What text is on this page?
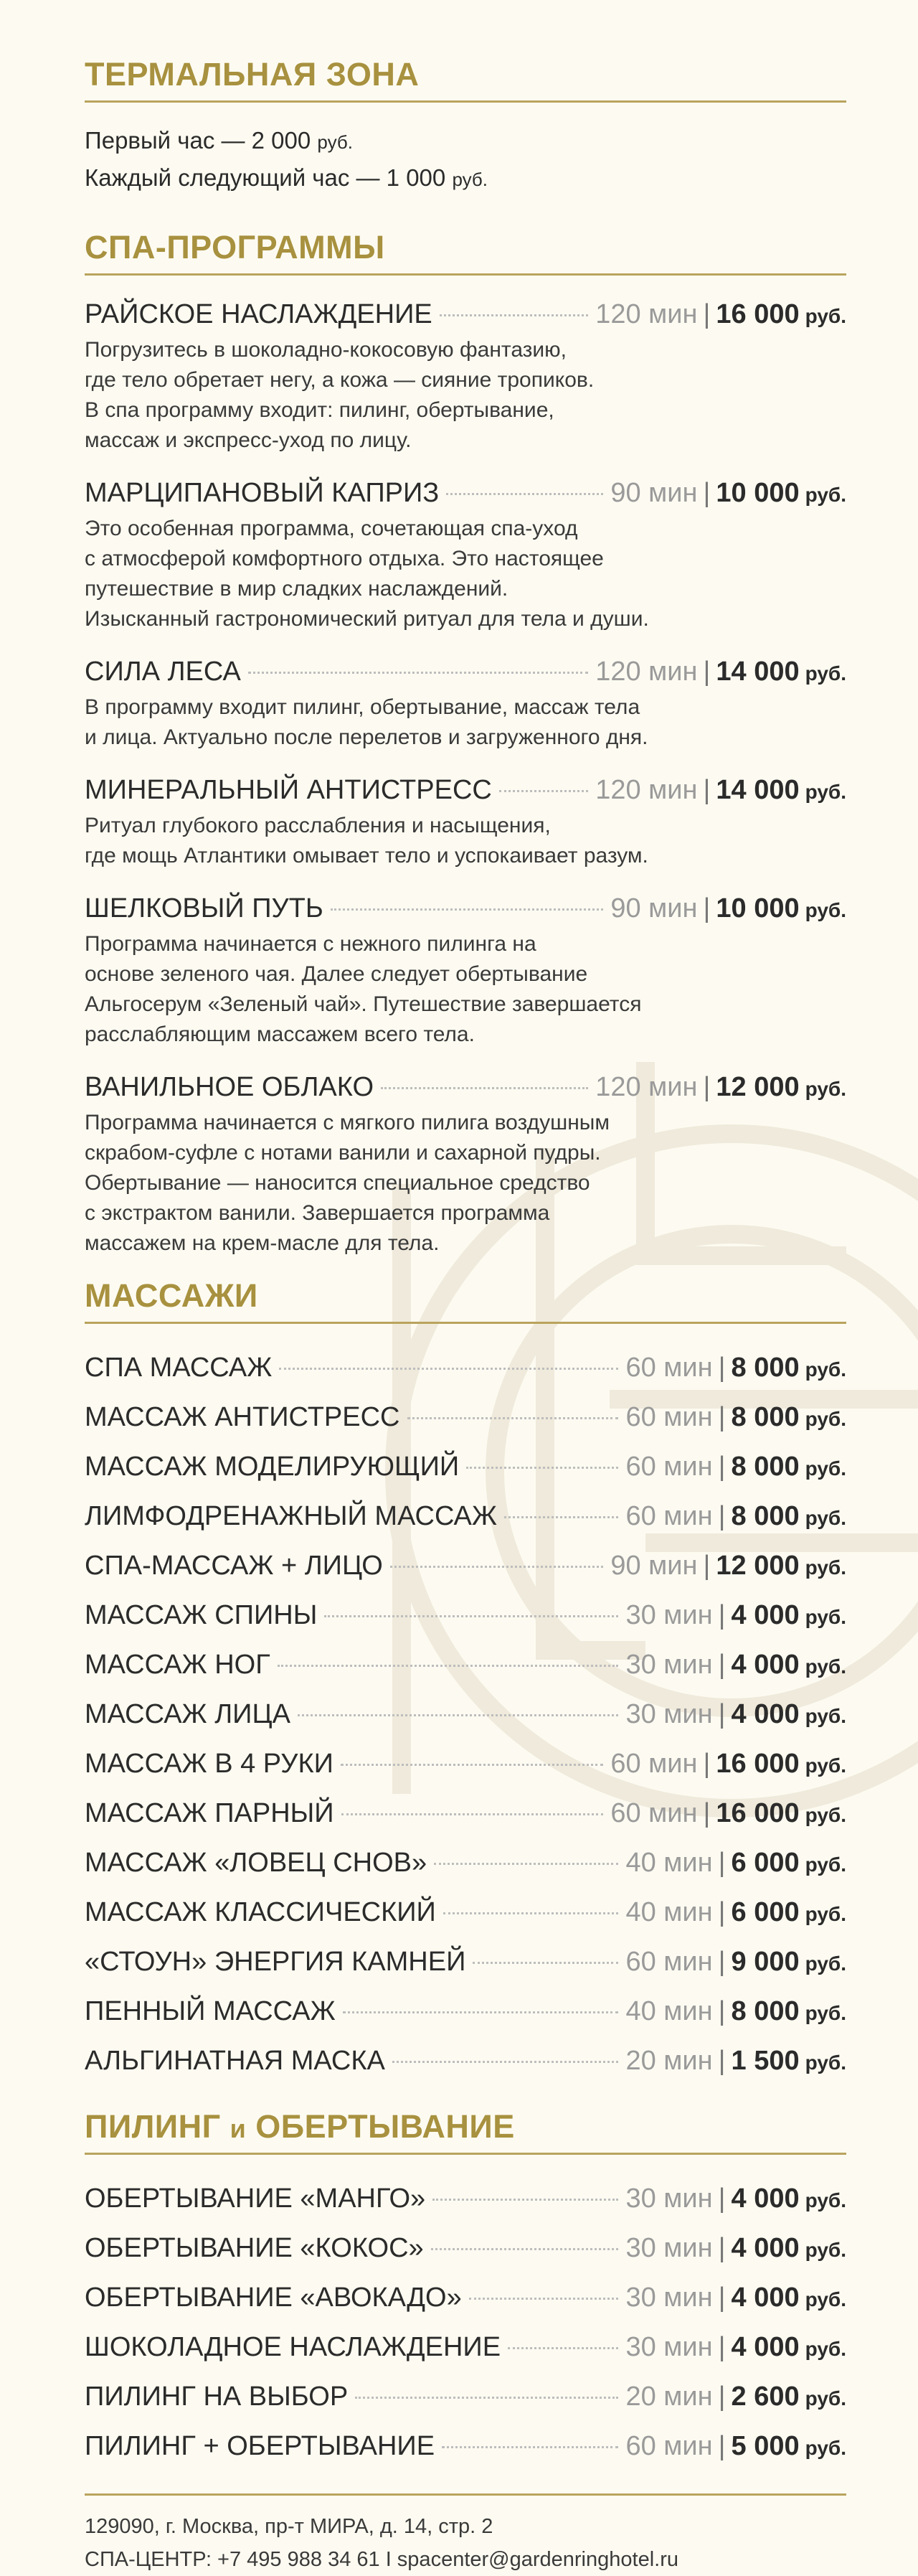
ТЕРМАЛЬНАЯ ЗОНА
Первый час — 2 000 руб.
Каждый следующий час — 1 000 руб.
СПА-ПРОГРАММЫ
РАЙСКОЕ НАСЛАЖДЕНИЕ	120 мин | 16 000 руб.
Погрузитесь в шоколадно-кокосовую фантазию,
где тело обретает негу, а кожа — сияние тропиков.
В спа программу входит: пилинг, обертывание,
массаж и экспресс-уход по лицу.
МАРЦИПАНОВЫЙ КАПРИЗ	90 мин | 10 000 руб.
Это особенная программа, сочетающая спа-уход
с атмосферой комфортного отдыха. Это настоящее
путешествие в мир сладких наслаждений.
Изысканный гастрономический ритуал для тела и души.
СИЛА ЛЕСА	120 мин | 14 000 руб.
В программу входит пилинг, обертывание, массаж тела
и лица. Актуально после перелетов и загруженного дня.
МИНЕРАЛЬНЫЙ АНТИСТРЕСС	120 мин | 14 000 руб.
Ритуал глубокого расслабления и насыщения,
где мощь Атлантики омывает тело и успокаивает разум.
ШЕЛКОВЫЙ ПУТЬ	90 мин | 10 000 руб.
Программа начинается с нежного пилинга на
основе зеленого чая. Далее следует обертывание
Альгосерум «Зеленый чай». Путешествие завершается
расслабляющим массажем всего тела.
ВАНИЛЬНОЕ ОБЛАКО	120 мин | 12 000 руб.
Программа начинается с мягкого пилига воздушным
скрабом-суфле с нотами ванили и сахарной пудры.
Обертывание — наносится специальное средство
с экстрактом ванили. Завершается программа
массажем на крем-масле для тела.
МАССАЖИ
СПА МАССАЖ	60 мин | 8 000 руб.
МАССАЖ АНТИСТРЕСС	60 мин | 8 000 руб.
МАССАЖ МОДЕЛИРУЮЩИЙ	60 мин | 8 000 руб.
ЛИМФОДРЕНАЖНЫЙ МАССАЖ	60 мин | 8 000 руб.
СПА-МАССАЖ + ЛИЦО	90 мин | 12 000 руб.
МАССАЖ СПИНЫ	30 мин | 4 000 руб.
МАССАЖ НОГ	30 мин | 4 000 руб.
МАССАЖ ЛИЦА	30 мин | 4 000 руб.
МАССАЖ В 4 РУКИ	60 мин | 16 000 руб.
МАССАЖ ПАРНЫЙ	60 мин | 16 000 руб.
МАССАЖ «ЛОВЕЦ СНОВ»	40 мин | 6 000 руб.
МАССАЖ КЛАССИЧЕСКИЙ	40 мин | 6 000 руб.
«СТОУН» ЭНЕРГИЯ КАМНЕЙ	60 мин | 9 000 руб.
ПЕННЫЙ МАССАЖ	40 мин | 8 000 руб.
АЛЬГИНАТНАЯ МАСКА	20 мин | 1 500 руб.
ПИЛИНГ и ОБЕРТЫВАНИЕ
ОБЕРТЫВАНИЕ «МАНГО»	30 мин | 4 000 руб.
ОБЕРТЫВАНИЕ «КОКОС»	30 мин | 4 000 руб.
ОБЕРТЫВАНИЕ «АВОКАДО»	30 мин | 4 000 руб.
ШОКОЛАДНОЕ НАСЛАЖДЕНИЕ	30 мин | 4 000 руб.
ПИЛИНГ НА ВЫБОР	20 мин | 2 600 руб.
ПИЛИНГ + ОБЕРТЫВАНИЕ	60 мин | 5 000 руб.
129090, г. Москва, пр-т МИРА, д. 14, стр. 2
СПА-ЦЕНТР: +7 495 988 34 61 I spacenter@gardenringhotel.ru
